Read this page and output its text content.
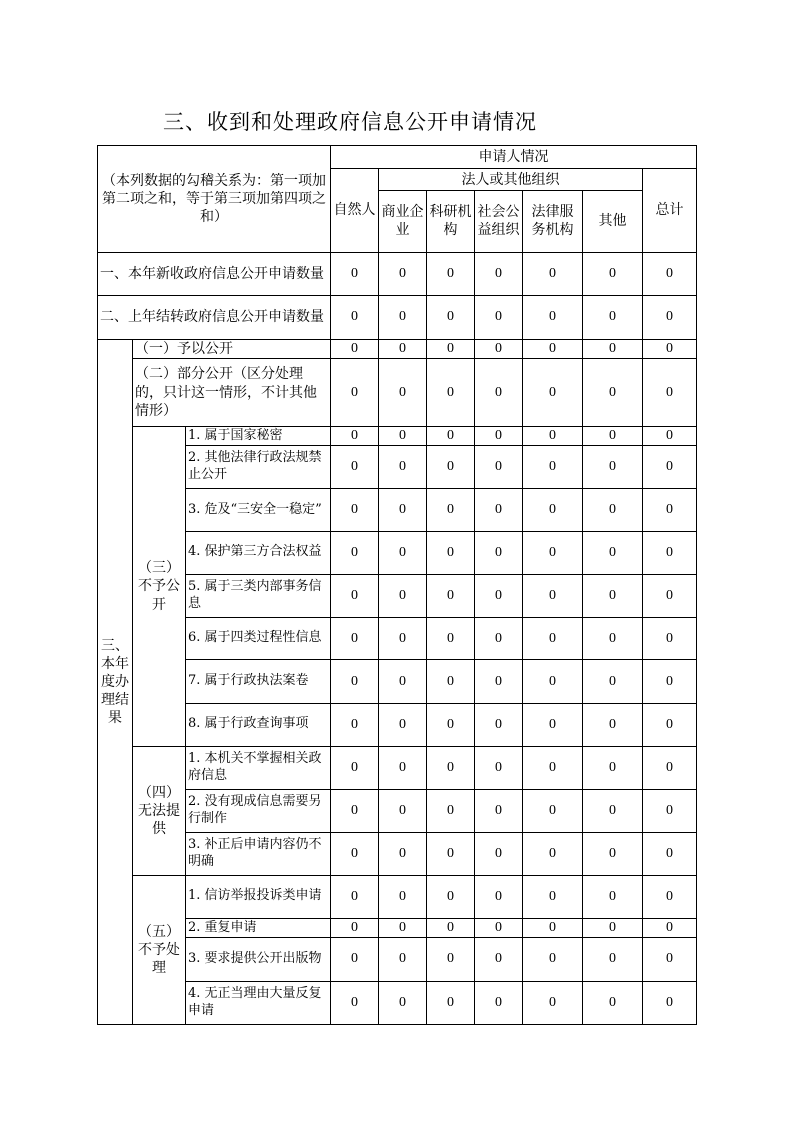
三、收到和处理政府信息公开申请情况
（本列数据的勾稽关系为：第一项加第二项之和，等于第三项加第四项之和）			申请人情况						
			自然人	法人或其他组织					总计
				商业企业	科研机构	社会公益组织	法律服务机构	其他	
一、本年新收政府信息公开申请数量			0	0	0	0	0	0	0
二、上年结转政府信息公开申请数量			0	0	0	0	0	0	0
三、本年度办理结果	（一）予以公开		0	0	0	0	0	0	0
	（二）部分公开（区分处理的，只计这一情形，不计其他情形）		0	0	0	0	0	0	0
	（三）不予公开	1. 属于国家秘密	0	0	0	0	0	0	0
		2. 其他法律行政法规禁止公开	0	0	0	0	0	0	0
		3. 危及“三安全一稳定”	0	0	0	0	0	0	0
		4. 保护第三方合法权益	0	0	0	0	0	0	0
		5. 属于三类内部事务信息	0	0	0	0	0	0	0
		6. 属于四类过程性信息	0	0	0	0	0	0	0
		7. 属于行政执法案卷	0	0	0	0	0	0	0
		8. 属于行政查询事项	0	0	0	0	0	0	0
	（四）无法提供	1. 本机关不掌握相关政府信息	0	0	0	0	0	0	0
		2. 没有现成信息需要另行制作	0	0	0	0	0	0	0
		3. 补正后申请内容仍不明确	0	0	0	0	0	0	0
	（五）不予处理	1. 信访举报投诉类申请	0	0	0	0	0	0	0
		2. 重复申请	0	0	0	0	0	0	0
		3. 要求提供公开出版物	0	0	0	0	0	0	0
		4. 无正当理由大量反复申请	0	0	0	0	0	0	0
